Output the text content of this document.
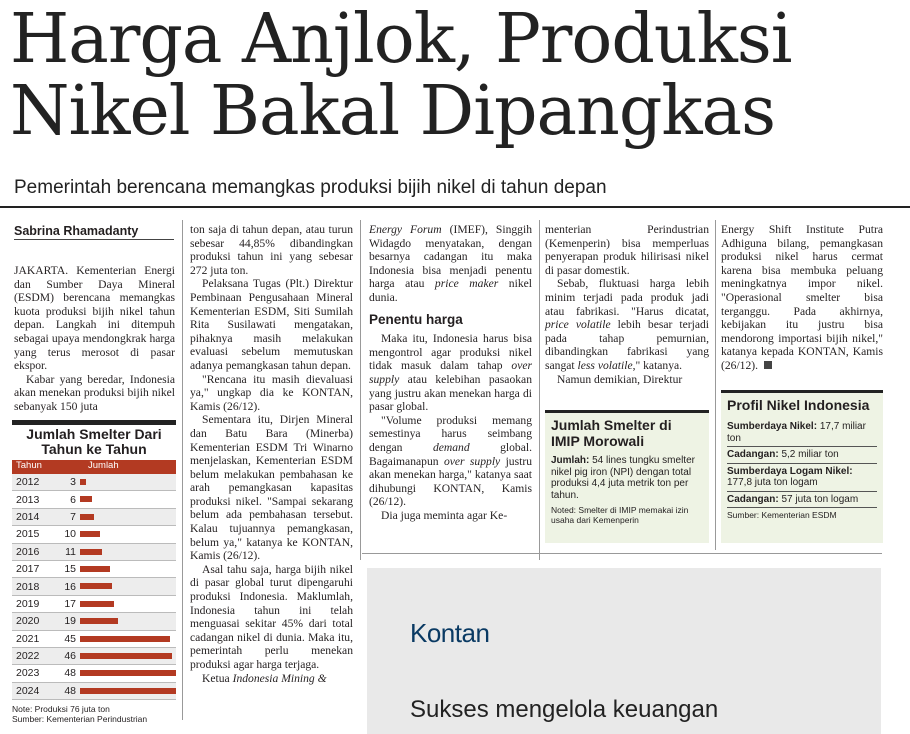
Harga Anjlok, Produksi Nikel Bakal Dipangkas

Pemerintah berencana memangkas produksi bijih nikel di tahun depan

Sabrina Rhamadanty

JAKARTA. Kementerian Energi dan Sumber Daya Mineral (ESDM) berencana memangkas kuota produksi bijih nikel tahun depan. Langkah ini ditempuh sebagai upaya mendongkrak harga yang terus merosot di pasar ekspor.

Kabar yang beredar, Indonesia akan menekan produksi bijih nikel sebanyak 150 juta

Jumlah Smelter Dari Tahun ke Tahun
Tahun	Jumlah
2012	3
2013	6
2014	7
2015	10
2016	11
2017	15
2018	16
2019	17
2020	19
2021	45
2022	46
2023	48
2024	48
Note: Produksi 76 juta ton
Sumber: Kementerian Perindustrian

ton saja di tahun depan, atau turun sebesar 44,85% dibandingkan produksi tahun ini yang sebesar 272 juta ton.

Pelaksana Tugas (Plt.) Direktur Pembinaan Pengusahaan Mineral Kementerian ESDM, Siti Sumilah Rita Susilawati mengatakan, pihaknya masih melakukan evaluasi sebelum memutuskan adanya pemangkasan tahun depan.

"Rencana itu masih dievaluasi ya," ungkap dia ke KONTAN, Kamis (26/12).

Sementara itu, Dirjen Mineral dan Batu Bara (Minerba) Kementerian ESDM Tri Winarno menjelaskan, Kementerian ESDM belum melakukan pembahasan ke arah pemangkasan kapasitas produksi nikel. "Sampai sekarang belum ada pembahasan tersebut. Kalau tujuannya pemangkasan, belum ya," katanya ke KONTAN, Kamis (26/12).

Asal tahu saja, harga bijih nikel di pasar global turut dipengaruhi produksi Indonesia. Maklumlah, Indonesia tahun ini telah menguasai sekitar 45% dari total cadangan nikel di dunia. Maka itu, pemerintah perlu menekan produksi agar harga terjaga.

Ketua Indonesia Mining &

Energy Forum (IMEF), Singgih Widagdo menyatakan, dengan besarnya cadangan itu maka Indonesia bisa menjadi penentu harga atau price maker nikel dunia.

Penentu harga

Maka itu, Indonesia harus bisa mengontrol agar produksi nikel tidak masuk dalam tahap over supply atau kelebihan pasaokan yang justru akan menekan harga di pasar global.

"Volume produksi memang semestinya harus seimbang dengan demand global. Bagaimanapun over supply justru akan menekan harga," katanya saat dihubungi KONTAN, Kamis (26/12).

Dia juga meminta agar Ke-

menterian Perindustrian (Kemenperin) bisa memperluas penyerapan produk hilirisasi nikel di pasar domestik.

Sebab, fluktuasi harga lebih minim terjadi pada produk jadi atau fabrikasi. "Harus dicatat, price volatile lebih besar terjadi pada tahap pemurnian, dibandingkan fabrikasi yang sangat less volatile," katanya.

Namun demikian, Direktur

Jumlah Smelter di IMIP Morowali

Jumlah: 54 lines tungku smelter nikel pig iron (NPI) dengan total produksi 4,4 juta metrik ton per tahun.

Noted: Smelter di IMIP memakai izin usaha dari Kemenperin

Energy Shift Institute Putra Adhiguna bilang, pemangkasan produksi nikel harus cermat karena bisa membuka peluang meningkatnya impor nikel. "Operasional smelter bisa terganggu. Pada akhirnya, kebijakan itu justru bisa mendorong importasi bijih nikel," katanya kepada KONTAN, Kamis (26/12).

Profil Nikel Indonesia
Sumberdaya Nikel: 17,7 miliar ton
Cadangan: 5,2 miliar ton
Sumberdaya Logam Nikel: 177,8 juta ton logam
Cadangan: 57 juta ton logam

Sumber: Kementerian ESDM

Kontan
Sukses mengelola keuangan
